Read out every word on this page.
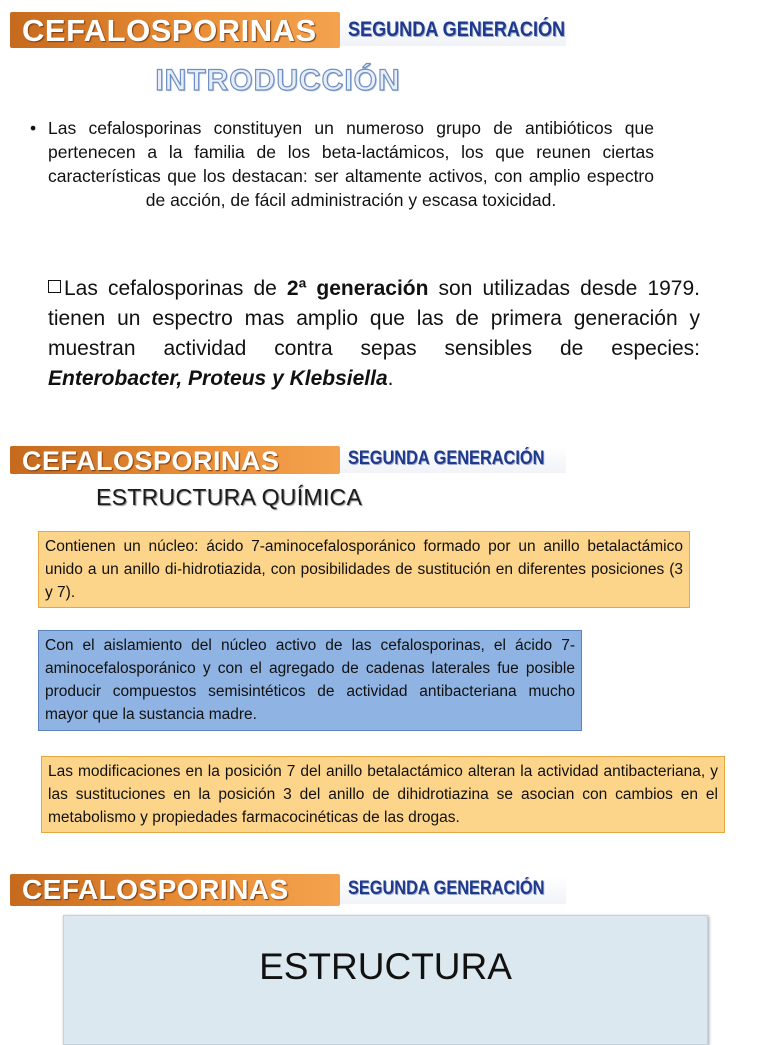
CEFALOSPORINAS SEGUNDA GENERACIÓN
INTRODUCCIÓN
• Las cefalosporinas constituyen un numeroso grupo de antibióticos que pertenecen a la familia de los beta-lactámicos, los que reunen ciertas características que los destacan: ser altamente activos, con amplio espectro de acción, de fácil administración y escasa toxicidad.
Las cefalosporinas de 2ª generación son utilizadas desde 1979. tienen un espectro mas amplio que las de primera generación y muestran actividad contra sepas sensibles de especies: Enterobacter, Proteus y Klebsiella.
CEFALOSPORINAS	SEGUNDA GENERACIÓN
ESTRUCTURA QUÍMICA
Contienen un núcleo: ácido 7-aminocefalosporánico formado por un anillo betalactámico unido a un anillo di-hidrotiazida, con posibilidades de sustitución en diferentes posiciones (3 y 7).
Con el aislamiento del núcleo activo de las cefalosporinas, el ácido 7-aminocefalosporánico y con el agregado de cadenas laterales fue posible producir compuestos semisintéticos de actividad antibacteriana mucho mayor que la sustancia madre.
Las modificaciones en la posición 7 del anillo betalactámico alteran la actividad antibacteriana, y las sustituciones en la posición 3 del anillo de dihidrotiazina se asocian con cambios en el metabolismo y propiedades farmacocinéticas de las drogas.
CEFALOSPORINAS	SEGUNDA GENERACIÓN
ESTRUCTURA
